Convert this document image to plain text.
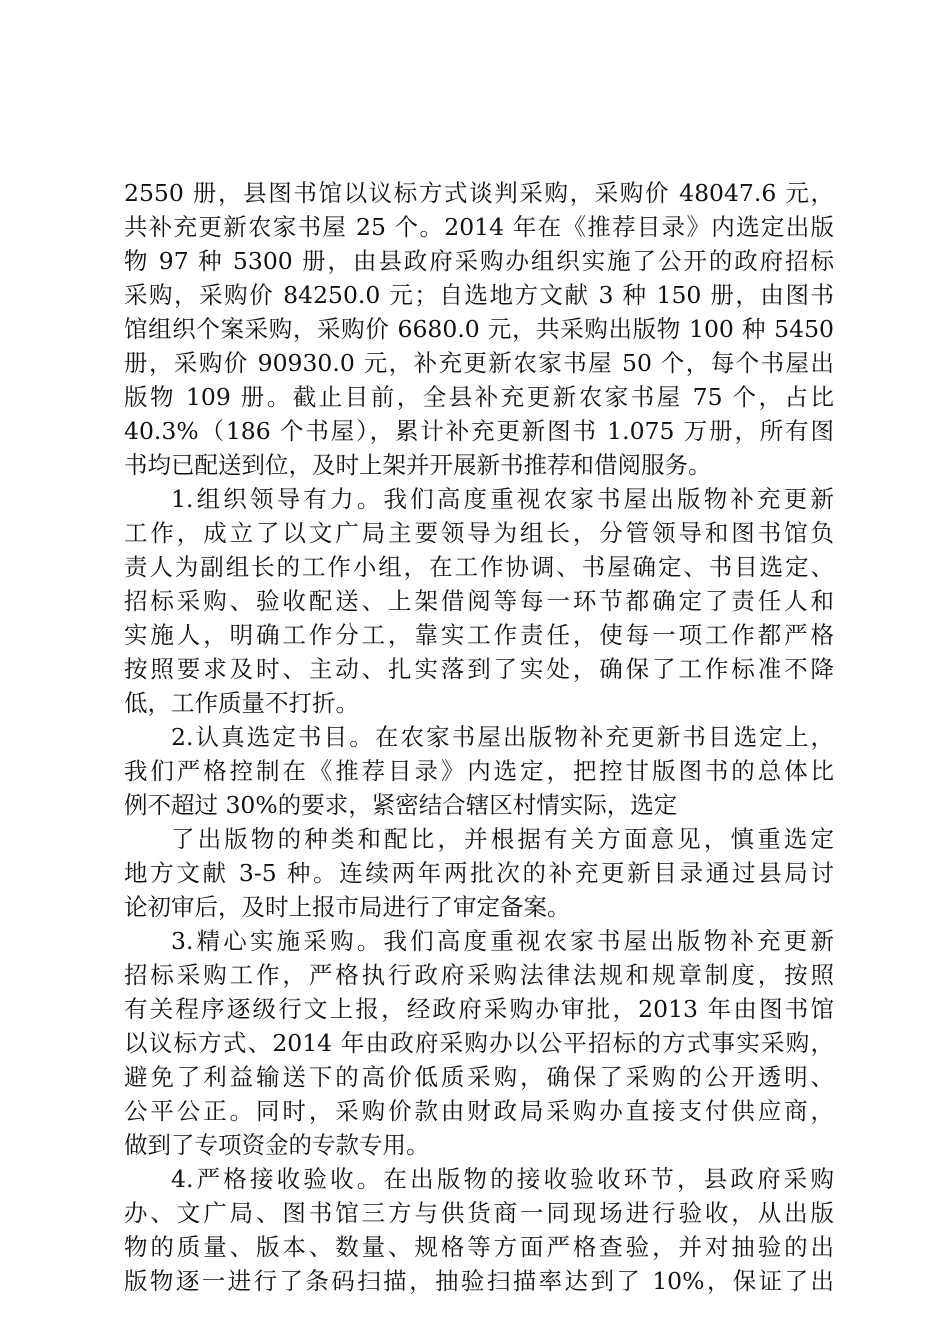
2550 册，县图书馆以议标方式谈判采购，采购价 48047.6 元，
共补充更新农家书屋 25 个。2014 年在《推荐目录》内选定出版
物 97 种 5300 册，由县政府采购办组织实施了公开的政府招标
采购，采购价 84250.0 元；自选地方文献 3 种 150 册，由图书
馆组织个案采购，采购价 6680.0 元，共采购出版物 100 种 5450
册，采购价 90930.0 元，补充更新农家书屋 50 个，每个书屋出
版物 109 册。截止目前，全县补充更新农家书屋 75 个，占比
40.3%（186 个书屋），累计补充更新图书 1.075 万册，所有图
书均已配送到位，及时上架并开展新书推荐和借阅服务。
1.组织领导有力。我们高度重视农家书屋出版物补充更新
工作，成立了以文广局主要领导为组长，分管领导和图书馆负
责人为副组长的工作小组，在工作协调、书屋确定、书目选定、
招标采购、验收配送、上架借阅等每一环节都确定了责任人和
实施人，明确工作分工，靠实工作责任，使每一项工作都严格
按照要求及时、主动、扎实落到了实处，确保了工作标准不降
低，工作质量不打折。
2.认真选定书目。在农家书屋出版物补充更新书目选定上，
我们严格控制在《推荐目录》内选定，把控甘版图书的总体比
例不超过 30%的要求，紧密结合辖区村情实际，选定
了出版物的种类和配比，并根据有关方面意见，慎重选定
地方文献 3-5 种。连续两年两批次的补充更新目录通过县局讨
论初审后，及时上报市局进行了审定备案。
3.精心实施采购。我们高度重视农家书屋出版物补充更新
招标采购工作，严格执行政府采购法律法规和规章制度，按照
有关程序逐级行文上报，经政府采购办审批，2013 年由图书馆
以议标方式、2014 年由政府采购办以公平招标的方式事实采购，
避免了利益输送下的高价低质采购，确保了采购的公开透明、
公平公正。同时，采购价款由财政局采购办直接支付供应商，
做到了专项资金的专款专用。
4.严格接收验收。在出版物的接收验收环节，县政府采购
办、文广局、图书馆三方与供货商一同现场进行验收，从出版
物的质量、版本、数量、规格等方面严格查验，并对抽验的出
版物逐一进行了条码扫描，抽验扫描率达到了 10%，保证了出
